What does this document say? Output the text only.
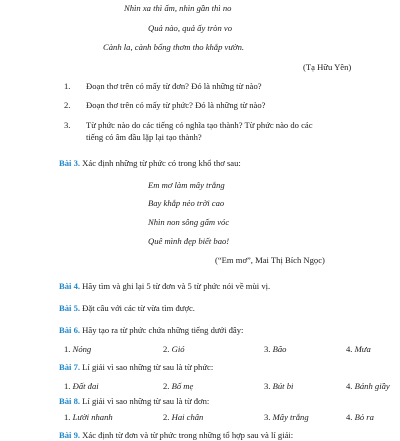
Nhìn xa thì ấm, nhìn gần thì no
Quả nào, quả ấy tròn vo
Cành la, cành bổng thơm tho khắp vườn.
(Tạ Hữu Yên)
1. Đoạn thơ trên có mấy từ đơn? Đó là những từ nào?
2. Đoạn thơ trên có mấy từ phức? Đó là những từ nào?
3. Từ phức nào do các tiếng có nghĩa tạo thành? Từ phức nào do các
tiếng có âm đầu lặp lại tạo thành?
Bài 3. Xác định những từ phức có trong khổ thơ sau:
Em mơ làm mây trắng
Bay khắp nẻo trời cao
Nhìn non sông gấm vóc
Quê mình đẹp biết bao!
(“Em mơ”, Mai Thị Bích Ngọc)
Bài 4. Hãy tìm và ghi lại 5 từ đơn và 5 từ phức nói về mùi vị.
Bài 5. Đặt câu với các từ vừa tìm được.
Bài 6. Hãy tạo ra từ phức chứa những tiếng dưới đây:
1. Nóng	2. Gió	3. Bão	4. Mưa
Bài 7. Lí giải vì sao những từ sau là từ phức:
1. Đất đai	2. Bố mẹ	3. Bút bi	4. Bánh giầy
Bài 8. Lí giải vì sao những từ sau là từ đơn:
1. Lười nhanh	2. Hai chân	3. Mây trắng	4. Bỏ ra
Bài 9. Xác định từ đơn và từ phức trong những tổ hợp sau và lí giải:
